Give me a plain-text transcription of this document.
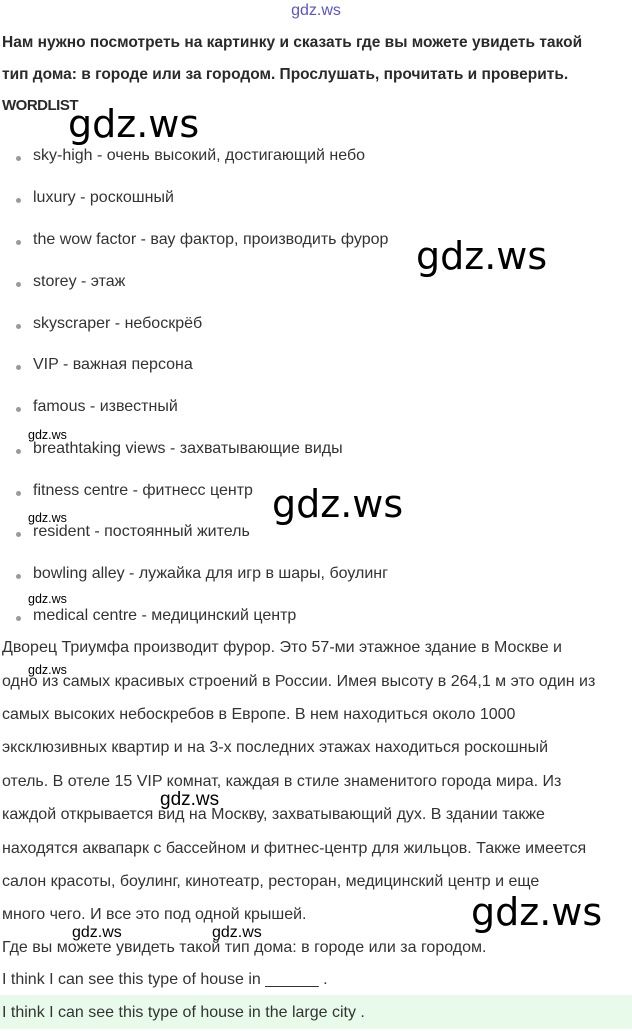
gdz.ws
Нам нужно посмотреть на картинку и сказать где вы можете увидеть такой
тип дома: в городе или за городом. Прослушать, прочитать и проверить.
WORDLIST
sky-high - очень высокий, достигающий небо
luxury - роскошный
the wow factor - вау фактор, производить фурор
storey - этаж
skyscraper - небоскрёб
VIP - важная персона
famous - известный
breathtaking views - захватывающие виды
fitness centre - фитнесс центр
resident - постоянный житель
bowling alley - лужайка для игр в шары, боулинг
medical centre - медицинский центр
Дворец Триумфа производит фурор. Это 57-ми этажное здание в Москве и
одно из самых красивых строений в России. Имея высоту в 264,1 м это один из
самых высоких небоскребов в Европе. В нем находиться около 1000
эксклюзивных квартир и на 3-х последних этажах находиться роскошный
отель. В отеле 15 VIP комнат, каждая в стиле знаменитого города мира. Из
каждой открывается вид на Москву, захватывающий дух. В здании также
находятся аквапарк с бассейном и фитнес-центр для жильцов. Также имеется
салон красоты, боулинг, кинотеатр, ресторан, медицинский центр и еще
много чего. И все это под одной крышей.
Где вы можете увидеть такой тип дома: в городе или за городом.
I think I can see this type of house in ______ .
I think I can see this type of house in the large city .
gdz.ws
gdz.ws
gdz.ws
gdz.ws
gdz.ws
gdz.ws
gdz.ws
gdz.ws
gdz.ws
gdz.ws	gdz.ws
